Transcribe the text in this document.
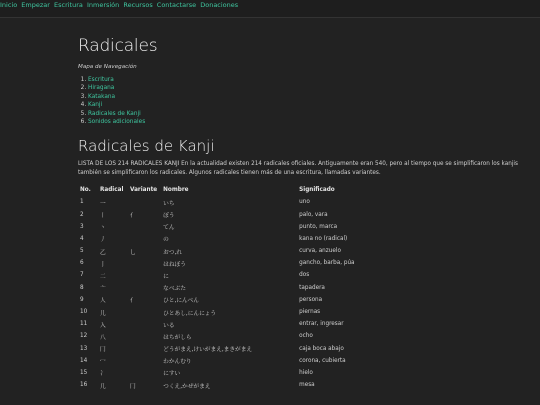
Inicio Empezar Escritura Inmersión Recursos Contactarse Donaciones
Radicales

Mapa de Navegación

1. Escritura
2. Hiragana
3. Katakana
4. Kanji
5. Radicales de Kanji
6. Sonidos adicionales
Radicales de Kanji

LISTA DE LOS 214 RADICALES KANJI En la actualidad existen 214 radicales oficiales. Antiguamente eran 540, pero al tiempo que se simplificaron los kanjis también se simplificaron los radicales. Algunos radicales tienen más de una escritura, llamadas variantes.

No.	Radical	Variante	Nombre	Significado
1	一		いち	uno
2	丨	亻	ぼう	palo, vara
3	丶		てん	punto, marca
4	丿		の	kana no (radical)
5	乙	乚	おつ,れ	curva, anzuelo
6	亅		はねぼう	gancho, barba, púa
7	二		に	dos
8	亠		なべぶた	tapadera
9	人	亻	ひと,にんべん	persona
10	儿		ひとあし,にんにょう	piernas
11	入		いる	entrar, ingresar
12	八		はちがしら	ocho
13	冂		どうがまえ,けいがまえ,まきがまえ	caja boca abajo
14	冖		わかんむり	corona, cubierta
15	冫		にすい	hielo
16	几	冂	つくえ,かぜがまえ	mesa
